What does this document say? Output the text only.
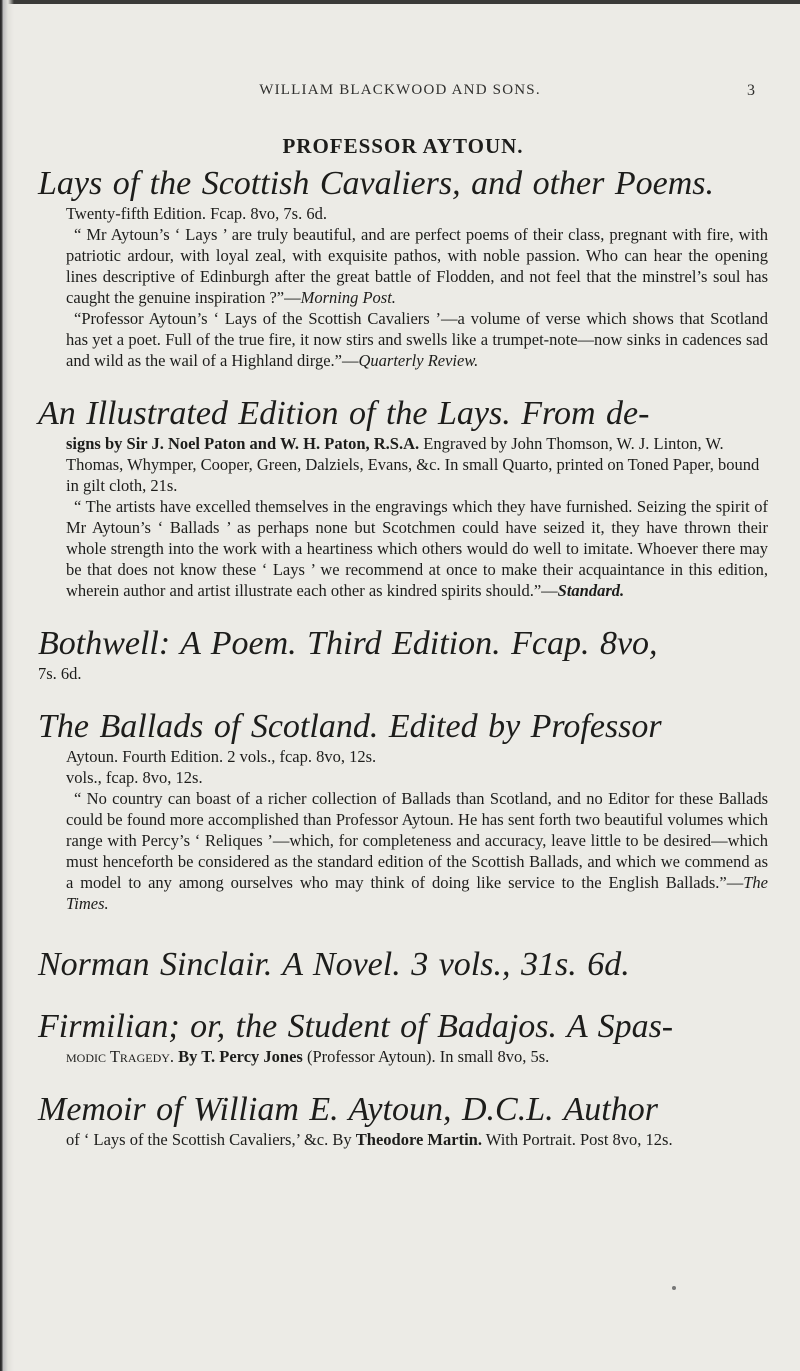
WILLIAM BLACKWOOD AND SONS.	3
PROFESSOR AYTOUN.
Lays of the Scottish Cavaliers, and other Poems.
Twenty-fifth Edition. Fcap. 8vo, 7s. 6d.
“ Mr Aytoun’s ‘ Lays ’ are truly beautiful, and are perfect poems of their class, pregnant with fire, with patriotic ardour, with loyal zeal, with exquisite pathos, with noble passion. Who can hear the opening lines descriptive of Edinburgh after the great battle of Flodden, and not feel that the minstrel’s soul has caught the genuine inspiration ?”—Morning Post.
“Professor Aytoun’s ‘ Lays of the Scottish Cavaliers ’—a volume of verse which shows that Scotland has yet a poet. Full of the true fire, it now stirs and swells like a trumpet-note—now sinks in cadences sad and wild as the wail of a Highland dirge.”—Quarterly Review.
An Illustrated Edition of the Lays. From de-
signs by Sir J. Noel Paton and W. H. Paton, R.S.A. Engraved by John Thomson, W. J. Linton, W. Thomas, Whymper, Cooper, Green, Dalziels, Evans, &c. In small Quarto, printed on Toned Paper, bound in gilt cloth, 21s.
“ The artists have excelled themselves in the engravings which they have furnished. Seizing the spirit of Mr Aytoun’s ‘ Ballads ’ as perhaps none but Scotchmen could have seized it, they have thrown their whole strength into the work with a heartiness which others would do well to imitate. Whoever there may be that does not know these ‘ Lays ’ we recommend at once to make their acquaintance in this edition, wherein author and artist illustrate each other as kindred spirits should.”—Standard.
Bothwell: A Poem. Third Edition. Fcap. 8vo,
7s. 6d.
The Ballads of Scotland. Edited by Professor
Aytoun. Fourth Edition. 2 vols., fcap. 8vo, 12s.
vols., fcap. 8vo, 12s.
“ No country can boast of a richer collection of Ballads than Scotland, and no Editor for these Ballads could be found more accomplished than Professor Aytoun. He has sent forth two beautiful volumes which range with Percy’s ‘ Reliques ’—which, for completeness and accuracy, leave little to be desired—which must henceforth be considered as the standard edition of the Scottish Ballads, and which we commend as a model to any among ourselves who may think of doing like service to the English Ballads.”—The Times.
Norman Sinclair. A Novel. 3 vols., 31s. 6d.
Firmilian; or, the Student of Badajos. A Spas-
modic Tragedy. By T. Percy Jones (Professor Aytoun). In small 8vo, 5s.
Memoir of William E. Aytoun, D.C.L. Author
of ‘ Lays of the Scottish Cavaliers,’ &c. By Theodore Martin. With Portrait. Post 8vo, 12s.
